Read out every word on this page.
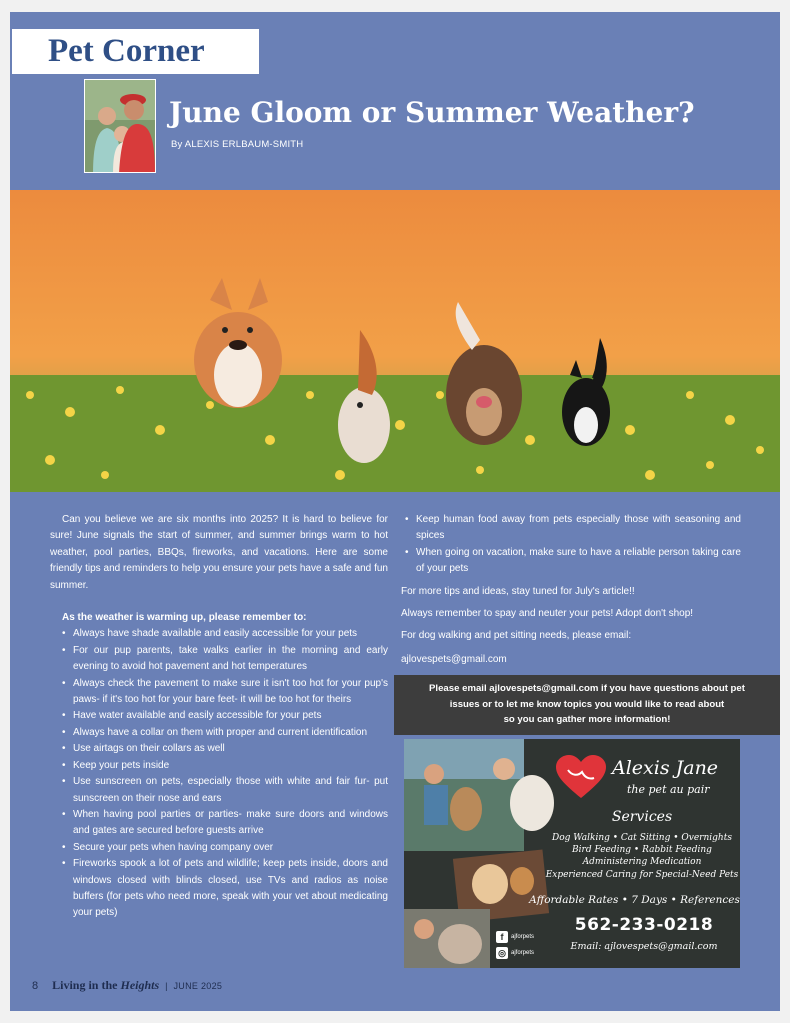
Pet Corner
June Gloom or Summer Weather?
By ALEXIS ERLBAUM-SMITH

Can you believe we are six months into 2025? It is hard to believe for sure! June signals the start of summer, and summer brings warm to hot weather, pool parties, BBQs, fireworks, and vacations. Here are some friendly tips and reminders to help you ensure your pets have a safe and fun summer.

As the weather is warming up, please remember to:

• Always have shade available and easily accessible for your pets
• For our pup parents, take walks earlier in the morning and early evening to avoid hot pavement and hot temperatures
• Always check the pavement to make sure it isn't too hot for your pup's paws- if it's too hot for your bare feet- it will be too hot for theirs
• Have water available and easily accessible for your pets
• Always have a collar on them with proper and current identification
• Use airtags on their collars as well
• Keep your pets inside
• Use sunscreen on pets, especially those with white and fair fur- put sunscreen on their nose and ears
• When having pool parties or parties- make sure doors and windows and gates are secured before guests arrive
• Secure your pets when having company over
• Fireworks spook a lot of pets and wildlife; keep pets inside, doors and windows closed with blinds closed, use TVs and radios as noise buffers (for pets who need more, speak with your vet about medicating your pets)
• Keep human food away from pets especially those with seasoning and spices
• When going on vacation, make sure to have a reliable person taking care of your pets

For more tips and ideas, stay tuned for July's article!!

Always remember to spay and neuter your pets! Adopt don't shop!

For dog walking and pet sitting needs, please email:

ajlovespets@gmail.com

Please email ajlovespets@gmail.com if you have questions about pet
issues or to let me know topics you would like to read about
so you can gather more information!
Alexis Jane
the pet au pair
Services
Dog Walking • Cat Sitting • Overnights
Bird Feeding • Rabbit Feeding
Administering Medication
Experienced Caring for Special-Need Pets
Affordable Rates • 7 Days • References
562-233-0218
Email: ajlovespets@gmail.com
f	ajforpets
◎ ajforpets
8 Living in the Heights | JUNE 2025
